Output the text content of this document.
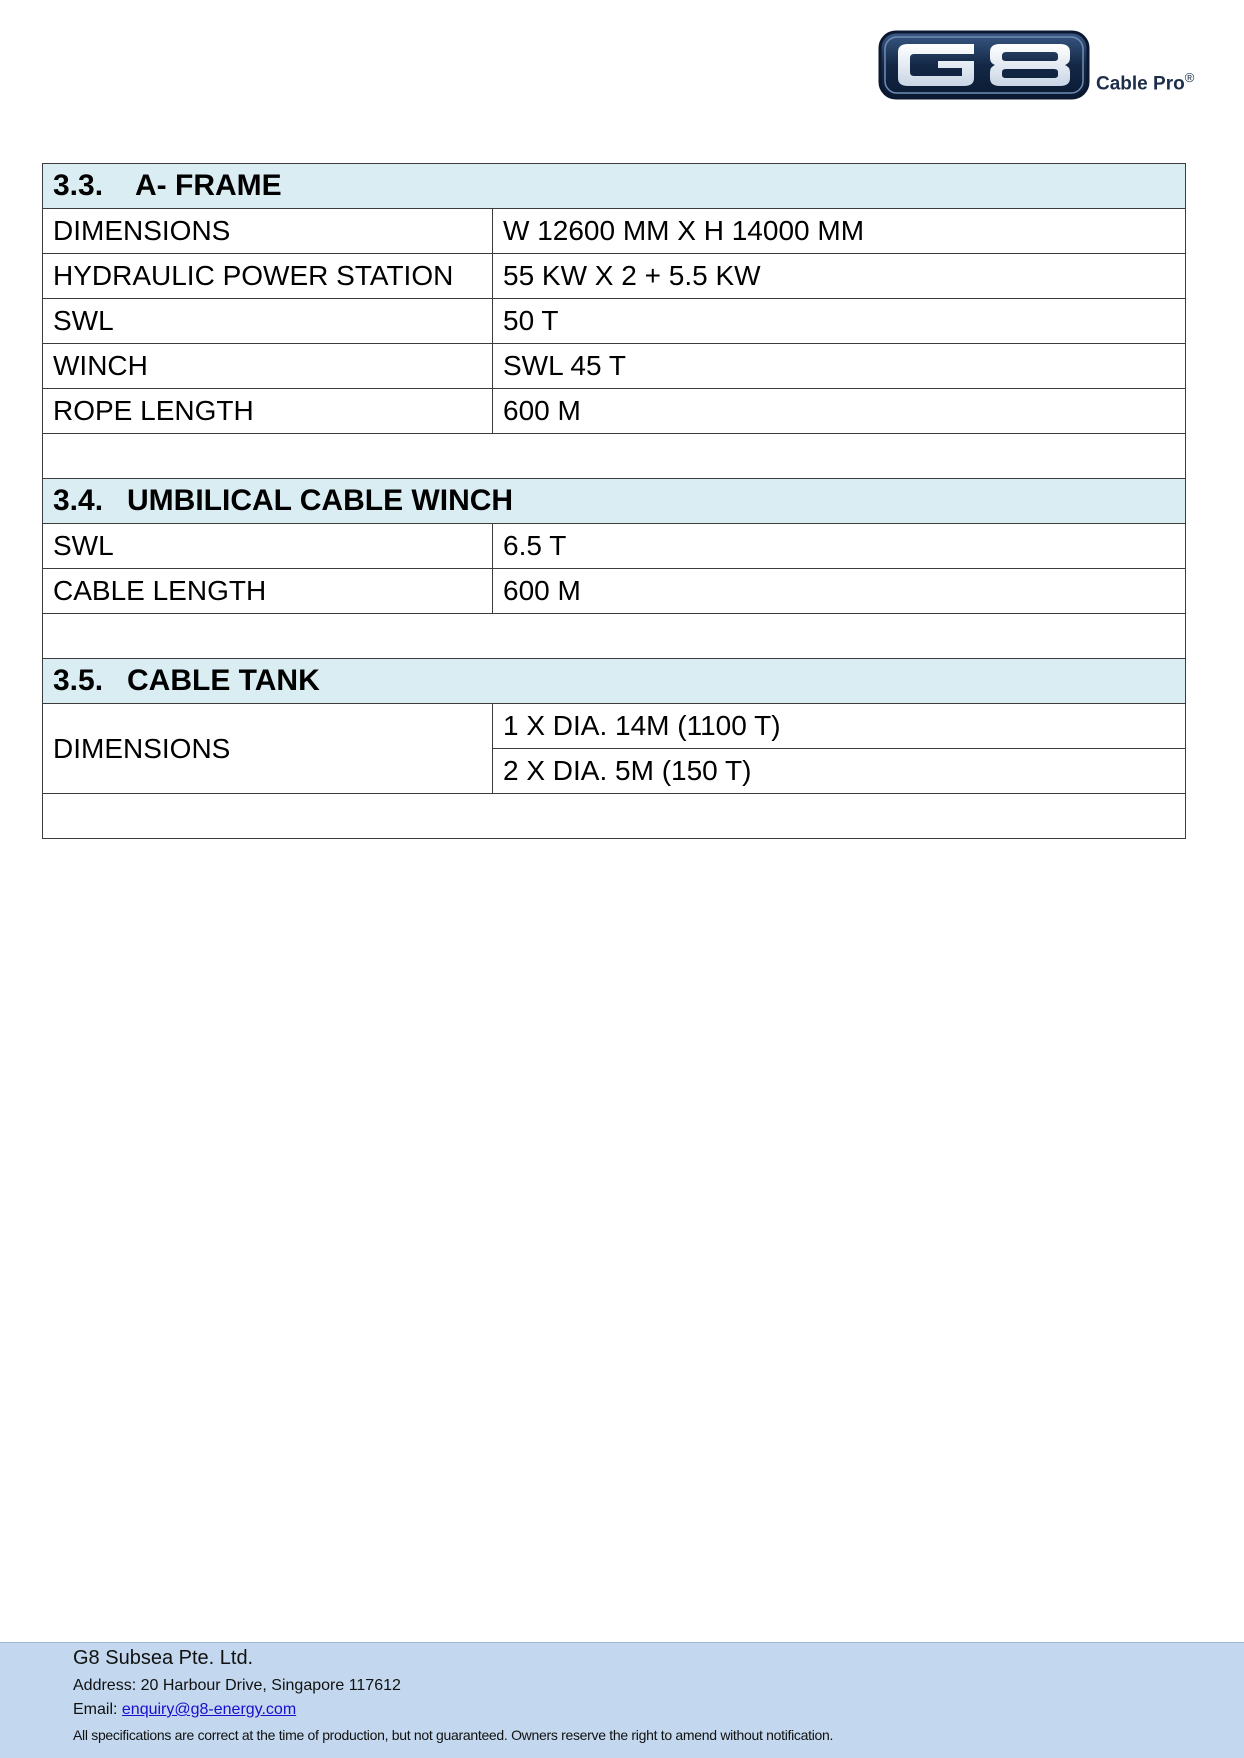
Cable Pro®
3.3. A- FRAME	
DIMENSIONS	W 12600 MM X H 14000 MM
HYDRAULIC POWER STATION	55 KW X 2 + 5.5 KW
SWL	50 T
WINCH	SWL 45 T
ROPE LENGTH	600 M

3.4. UMBILICAL CABLE WINCH	
SWL	6.5 T
CABLE LENGTH	600 M

3.5. CABLE TANK	
DIMENSIONS	1 X DIA. 14M (1100 T)
	2 X DIA. 5M (150 T)

G8 Subsea Pte. Ltd.
Address: 20 Harbour Drive, Singapore 117612
Email: enquiry@g8-energy.com
All specifications are correct at the time of production, but not guaranteed. Owners reserve the right to amend without notification.
